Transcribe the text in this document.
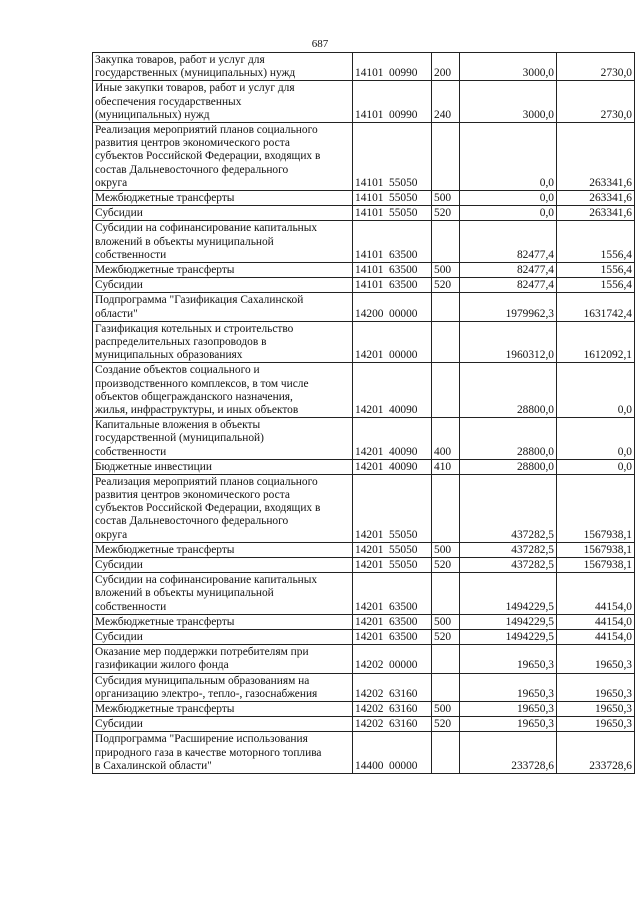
687
Закупка товаров, работ и услуг для
государственных (муниципальных) нужд	14101 00990	200	3000,0	2730,0
Иные закупки товаров, работ и услуг для
обеспечения государственных
(муниципальных) нужд	14101 00990	240	3000,0	2730,0
Реализация мероприятий планов социального
развития центров экономического роста
субъектов Российской Федерации, входящих в
состав Дальневосточного федерального
округа	14101 55050		0,0	263341,6
Межбюджетные трансферты	14101 55050	500	0,0	263341,6
Субсидии	14101 55050	520	0,0	263341,6
Субсидии на софинансирование капитальных
вложений в объекты муниципальной
собственности	14101 63500		82477,4	1556,4
Межбюджетные трансферты	14101 63500	500	82477,4	1556,4
Субсидии	14101 63500	520	82477,4	1556,4
Подпрограмма "Газификация Сахалинской
области"	14200 00000		1979962,3	1631742,4
Газификация котельных и строительство
распределительных газопроводов в
муниципальных образованиях	14201 00000		1960312,0	1612092,1
Создание объектов социального и
производственного комплексов, в том числе
объектов общегражданского назначения,
жилья, инфраструктуры, и иных объектов	14201 40090		28800,0	0,0
Капитальные вложения в объекты
государственной (муниципальной)
собственности	14201 40090	400	28800,0	0,0
Бюджетные инвестиции	14201 40090	410	28800,0	0,0
Реализация мероприятий планов социального
развития центров экономического роста
субъектов Российской Федерации, входящих в
состав Дальневосточного федерального
округа	14201 55050		437282,5	1567938,1
Межбюджетные трансферты	14201 55050	500	437282,5	1567938,1
Субсидии	14201 55050	520	437282,5	1567938,1
Субсидии на софинансирование капитальных
вложений в объекты муниципальной
собственности	14201 63500		1494229,5	44154,0
Межбюджетные трансферты	14201 63500	500	1494229,5	44154,0
Субсидии	14201 63500	520	1494229,5	44154,0
Оказание мер поддержки потребителям при
газификации жилого фонда	14202 00000		19650,3	19650,3
Субсидия муниципальным образованиям на
организацию электро-, тепло-, газоснабжения	14202 63160		19650,3	19650,3
Межбюджетные трансферты	14202 63160	500	19650,3	19650,3
Субсидии	14202 63160	520	19650,3	19650,3
Подпрограмма "Расширение использования
природного газа в качестве моторного топлива
в Сахалинской области"	14400 00000		233728,6	233728,6
